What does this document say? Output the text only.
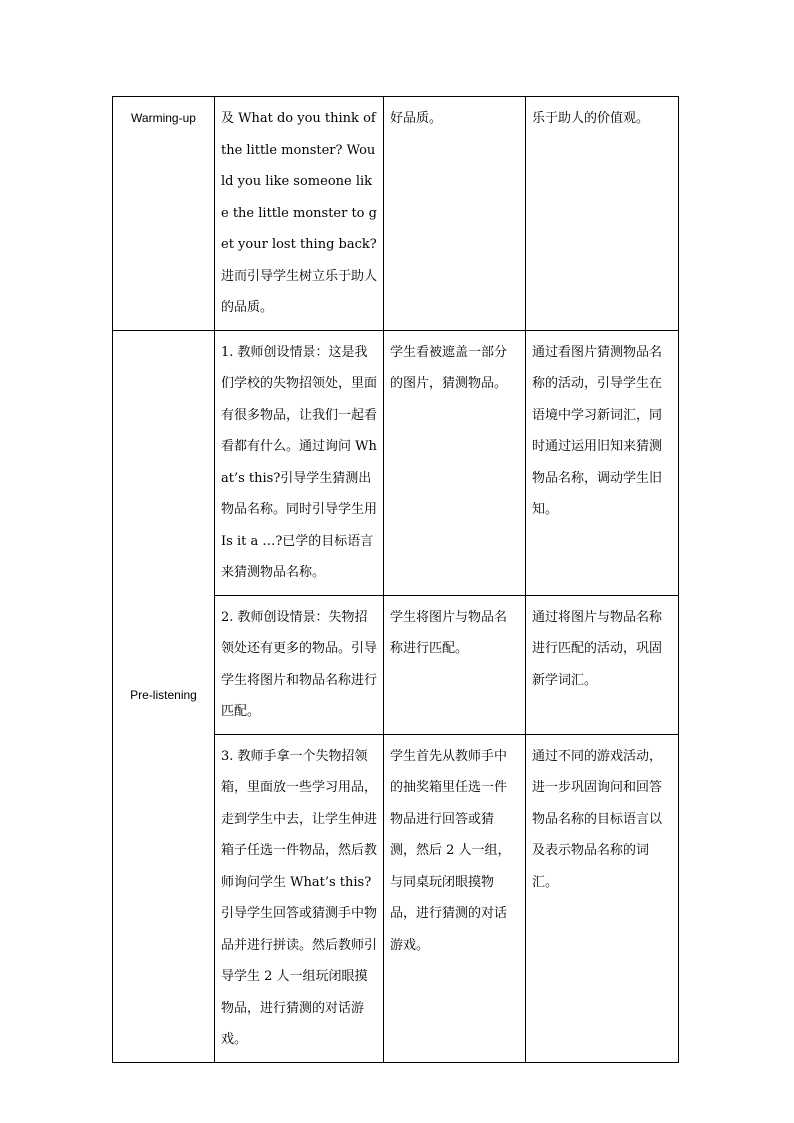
Warming-up	及 What do you think of the little monster? Would you like someone like the little monster to get your lost thing back? 进而引导学生树立乐于助人的品质。	好品质。	乐于助人的价值观。
Pre-listening	1. 教师创设情景：这是我们学校的失物招领处，里面有很多物品，让我们一起看看都有什么。通过询问 What’s this?引导学生猜测出物品名称。同时引导学生用 Is it a …?已学的目标语言来猜测物品名称。	学生看被遮盖一部分的图片，猜测物品。	通过看图片猜测物品名称的活动，引导学生在语境中学习新词汇，同时通过运用旧知来猜测物品名称，调动学生旧知。
	2. 教师创设情景：失物招领处还有更多的物品。引导学生将图片和物品名称进行匹配。	学生将图片与物品名称进行匹配。	通过将图片与物品名称进行匹配的活动，巩固新学词汇。
	3. 教师手拿一个失物招领箱，里面放一些学习用品，走到学生中去，让学生伸进箱子任选一件物品，然后教师询问学生 What’s this?引导学生回答或猜测手中物品并进行拼读。然后教师引导学生 2 人一组玩闭眼摸物品，进行猜测的对话游戏。	学生首先从教师手中的抽奖箱里任选一件物品进行回答或猜测，然后 2 人一组，与同桌玩闭眼摸物品，进行猜测的对话游戏。	通过不同的游戏活动，进一步巩固询问和回答物品名称的目标语言以及表示物品名称的词汇。
